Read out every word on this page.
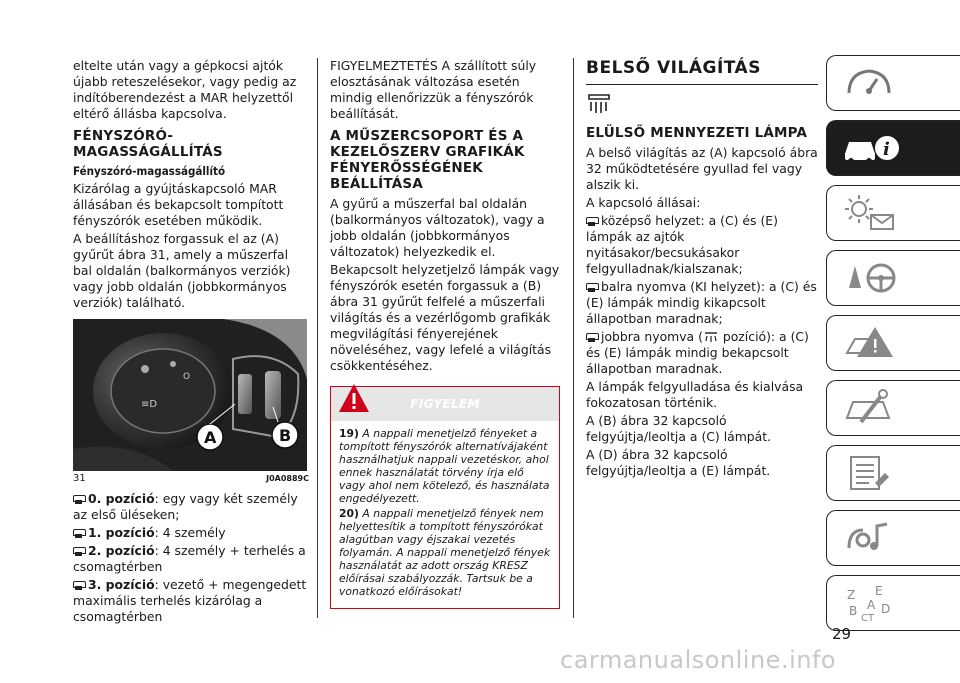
eltelte után vagy a gépkocsi ajtók újabb reteszelésekor, vagy pedig az indítóberendezést a MAR helyzettől eltérő állásba kapcsolva.

FÉNYSZÓRÓ-MAGASSÁGÁLLÍTÁS
Fényszóró-magasságállító

Kizárólag a gyújtáskapcsoló MAR állásában és bekapcsolt tompított fényszórók esetében működik.

A beállításhoz forgassuk el az (A) gyűrűt ábra 31, amely a műszerfal bal oldalán (balkormányos verziók) vagy jobb oldalán (jobbkormányos verziók) található.

≡D
O
A	B
31	J0A0889C

0. pozíció: egy vagy két személy az első üléseken;

1. pozíció: 4 személy

2. pozíció: 4 személy + terhelés a csomagtérben

3. pozíció: vezető + megengedett maximális terhelés kizárólag a csomagtérben

FIGYELMEZTETÉS A szállított súly elosztásának változása esetén mindig ellenőrizzük a fényszórók beállítását.

A MŰSZERCSOPORT ÉS A KEZELŐSZERV GRAFIKÁK FÉNYERŐSSÉGÉNEK BEÁLLÍTÁSA

A gyűrű a műszerfal bal oldalán (balkormányos változatok), vagy a jobb oldalán (jobbkormányos változatok) helyezkedik el.

Bekapcsolt helyzetjelző lámpák vagy fényszórók esetén forgassuk a (B) ábra 31 gyűrűt felfelé a műszerfali világítás és a vezérlőgomb grafikák megvilágítási fényerejének növeléséhez, vagy lefelé a világítás csökkentéséhez.

FIGYELEM

19) A nappali menetjelző fényeket a tompított fényszórók alternatívájaként használhatjuk nappali vezetéskor, ahol ennek használatát törvény írja elő vagy ahol nem kötelező, és használata engedélyezett.

20) A nappali menetjelző fények nem helyettesítik a tompított fényszórókat alagútban vagy éjszakai vezetés folyamán. A nappali menetjelző fények használatát az adott ország KRESZ előírásai szabályozzák. Tartsuk be a vonatkozó előírásokat!

BELSŐ VILÁGÍTÁS
ELÜLSŐ MENNYEZETI LÁMPA

A belső világítás az (A) kapcsoló ábra 32 működtetésére gyullad fel vagy alszik ki.

A kapcsoló állásai:

középső helyzet: a (C) és (E) lámpák az ajtók nyitásakor/becsukásakor felgyulladnak/kialszanak;

balra nyomva (KI helyzet): a (C) és (E) lámpák mindig kikapcsolt állapotban maradnak;

jobbra nyomva ( pozíció): a (C) és (E) lámpák mindig bekapcsolt állapotban maradnak.

A lámpák felgyulladása és kialvása fokozatosan történik.

A (B) ábra 32 kapcsoló felgyújtja/leoltja a (C) lámpát.

A (D) ábra 32 kapcsoló felgyújtja/leoltja a (E) lámpát.

i
Z E
B A D
CT
29
carmanualsonline.info
